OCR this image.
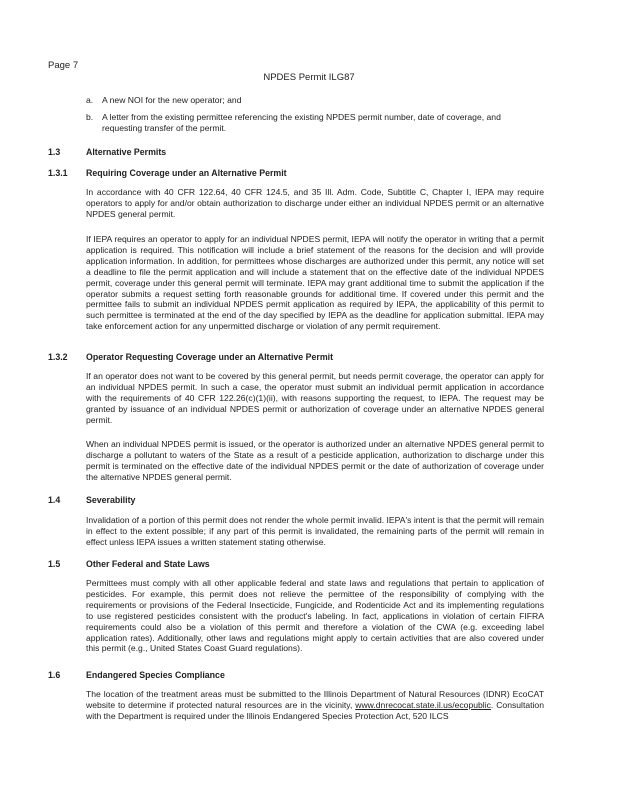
Page 7
NPDES Permit ILG87
a.	A new NOI for the new operator; and
b.	A letter from the existing permittee referencing the existing NPDES permit number, date of coverage, and requesting transfer of the permit.
1.3	Alternative Permits
1.3.1	Requiring Coverage under an Alternative Permit
In accordance with 40 CFR 122.64, 40 CFR 124.5, and 35 Ill. Adm. Code, Subtitle C, Chapter I, IEPA may require operators to apply for and/or obtain authorization to discharge under either an individual NPDES permit or an alternative NPDES general permit.
If IEPA requires an operator to apply for an individual NPDES permit, IEPA will notify the operator in writing that a permit application is required. This notification will include a brief statement of the reasons for the decision and will provide application information. In addition, for permittees whose discharges are authorized under this permit, any notice will set a deadline to file the permit application and will include a statement that on the effective date of the individual NPDES permit, coverage under this general permit will terminate. IEPA may grant additional time to submit the application if the operator submits a request setting forth reasonable grounds for additional time. If covered under this permit and the permittee fails to submit an individual NPDES permit application as required by IEPA, the applicability of this permit to such permittee is terminated at the end of the day specified by IEPA as the deadline for application submittal. IEPA may take enforcement action for any unpermitted discharge or violation of any permit requirement.
1.3.2	Operator Requesting Coverage under an Alternative Permit
If an operator does not want to be covered by this general permit, but needs permit coverage, the operator can apply for an individual NPDES permit. In such a case, the operator must submit an individual permit application in accordance with the requirements of 40 CFR 122.26(c)(1)(ii), with reasons supporting the request, to IEPA. The request may be granted by issuance of an individual NPDES permit or authorization of coverage under an alternative NPDES general permit.
When an individual NPDES permit is issued, or the operator is authorized under an alternative NPDES general permit to discharge a pollutant to waters of the State as a result of a pesticide application, authorization to discharge under this permit is terminated on the effective date of the individual NPDES permit or the date of authorization of coverage under the alternative NPDES general permit.
1.4	Severability
Invalidation of a portion of this permit does not render the whole permit invalid. IEPA's intent is that the permit will remain in effect to the extent possible; if any part of this permit is invalidated, the remaining parts of the permit will remain in effect unless IEPA issues a written statement stating otherwise.
1.5	Other Federal and State Laws
Permittees must comply with all other applicable federal and state laws and regulations that pertain to application of pesticides. For example, this permit does not relieve the permittee of the responsibility of complying with the requirements or provisions of the Federal Insecticide, Fungicide, and Rodenticide Act and its implementing regulations to use registered pesticides consistent with the product's labeling. In fact, applications in violation of certain FIFRA requirements could also be a violation of this permit and therefore a violation of the CWA (e.g. exceeding label application rates). Additionally, other laws and regulations might apply to certain activities that are also covered under this permit (e.g., United States Coast Guard regulations).
1.6	Endangered Species Compliance
The location of the treatment areas must be submitted to the Illinois Department of Natural Resources (IDNR) EcoCAT website to determine if protected natural resources are in the vicinity, www.dnrecocat.state.il.us/ecopublic. Consultation with the Department is required under the Illinois Endangered Species Protection Act, 520 ILCS
